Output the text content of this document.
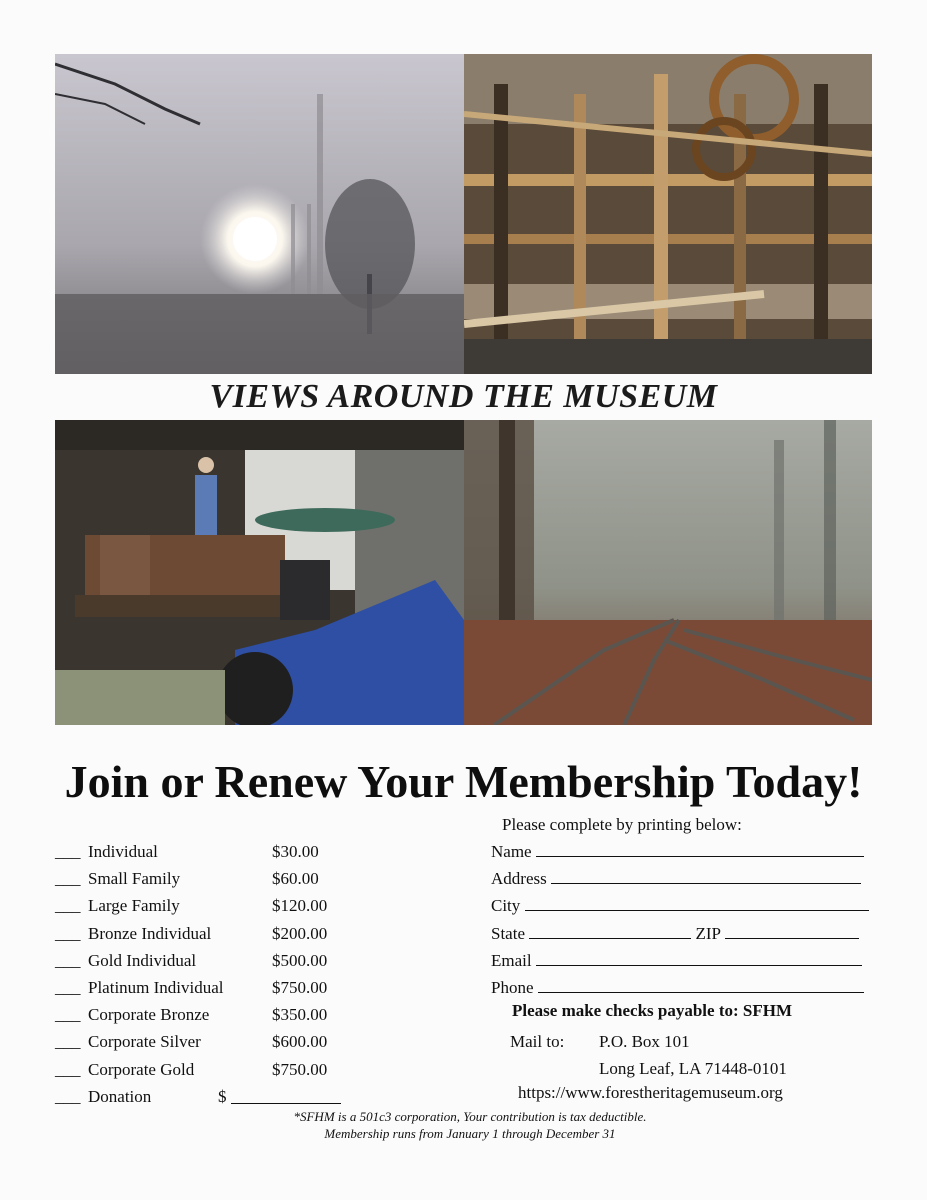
VIEWS AROUND THE MUSEUM
Join or Renew Your Membership Today!
Please complete by printing below:
___ Individual	$30.00
___ Small Family	$60.00
___ Large Family	$120.00
___ Bronze Individual	$200.00
___ Gold Individual	$500.00
___ Platinum Individual	$750.00
___ Corporate Bronze	$350.00
___ Corporate Silver	$600.00
___ Corporate Gold	$750.00
___ Donation	$
Name
Address
City
State	ZIP
Email
Phone
Please make checks payable to: SFHM
Mail to: P.O. Box 101
Long Leaf, LA 71448-0101
https://www.forestheritagemuseum.org
*SFHM is a 501c3 corporation, Your contribution is tax deductible.
Membership runs from January 1 through December 31
